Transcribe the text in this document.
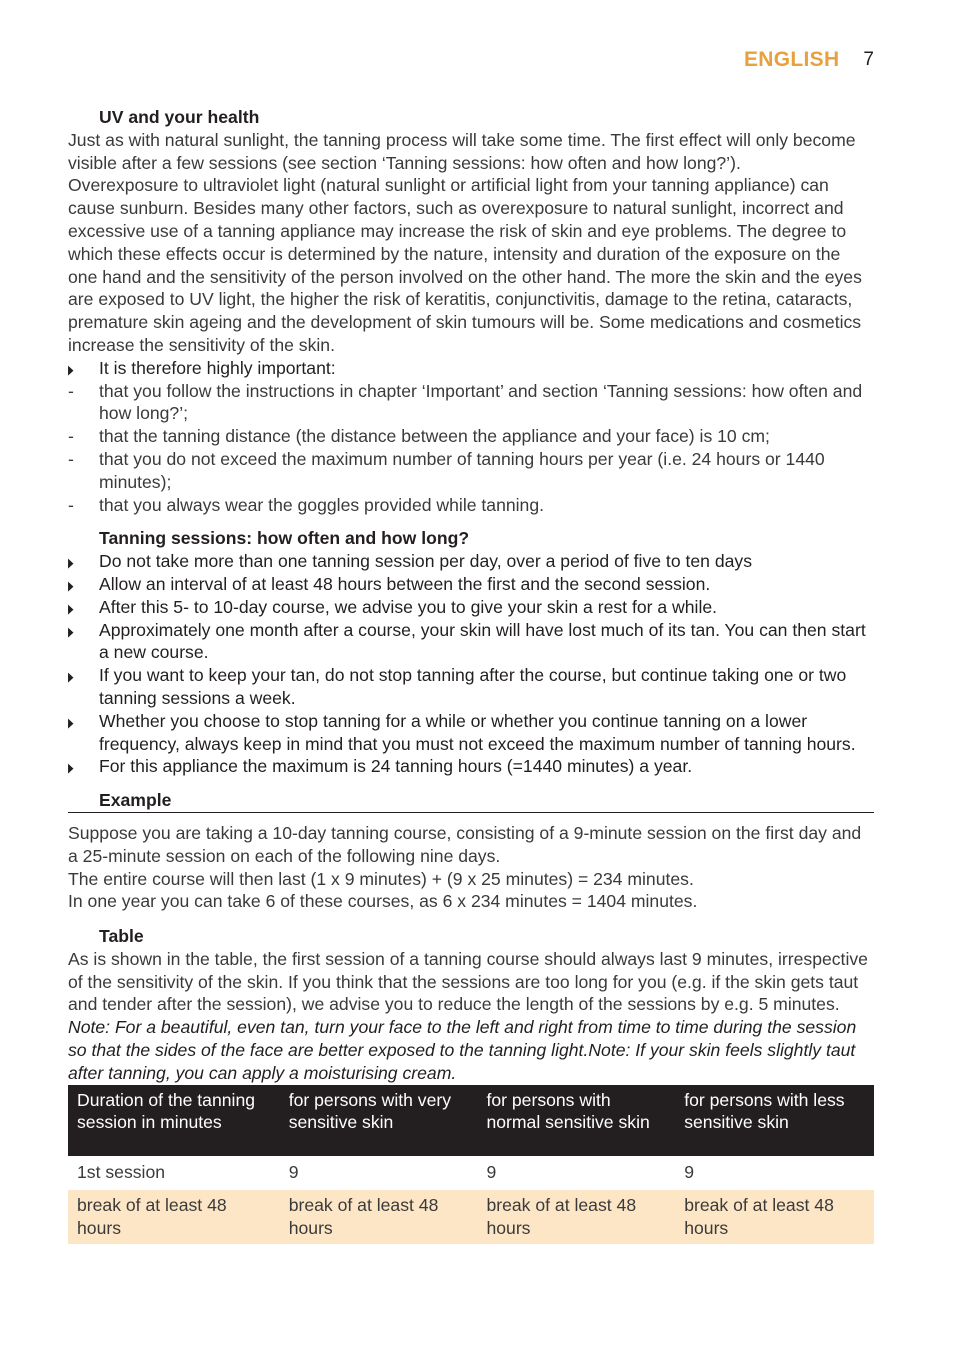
ENGLISH 7

UV and your health

Just as with natural sunlight, the tanning process will take some time. The first effect will only become visible after a few sessions (see section ‘Tanning sessions: how often and how long?’).

Overexposure to ultraviolet light (natural sunlight or artificial light from your tanning appliance) can cause sunburn. Besides many other factors, such as overexposure to natural sunlight, incorrect and excessive use of a tanning appliance may increase the risk of skin and eye problems. The degree to which these effects occur is determined by the nature, intensity and duration of the exposure on the one hand and the sensitivity of the person involved on the other hand. The more the skin and the eyes are exposed to UV light, the higher the risk of keratitis, conjunctivitis, damage to the retina, cataracts, premature skin ageing and the development of skin tumours will be. Some medications and cosmetics increase the sensitivity of the skin.

▶	It is therefore highly important:
-	that you follow the instructions in chapter ‘Important’ and section ‘Tanning sessions: how often and how long?’;
-	that the tanning distance (the distance between the appliance and your face) is 10 cm;
-	that you do not exceed the maximum number of tanning hours per year (i.e. 24 hours or 1440 minutes);
-	that you always wear the goggles provided while tanning.

Tanning sessions: how often and how long?

▶	Do not take more than one tanning session per day, over a period of five to ten days
▶	Allow an interval of at least 48 hours between the first and the second session.
▶	After this 5- to 10-day course, we advise you to give your skin a rest for a while.
▶	Approximately one month after a course, your skin will have lost much of its tan. You can then start a new course.
▶	If you want to keep your tan, do not stop tanning after the course, but continue taking one or two tanning sessions a week.
▶	Whether you choose to stop tanning for a while or whether you continue tanning on a lower frequency, always keep in mind that you must not exceed the maximum number of tanning hours.
▶	For this appliance the maximum is 24 tanning hours (=1440 minutes) a year.

Example

Suppose you are taking a 10-day tanning course, consisting of a 9-minute session on the first day and a 25-minute session on each of the following nine days.

The entire course will then last (1 x 9 minutes) + (9 x 25 minutes) = 234 minutes.

In one year you can take 6 of these courses, as 6 x 234 minutes = 1404 minutes.

Table

As is shown in the table, the first session of a tanning course should always last 9 minutes, irrespective of the sensitivity of the skin. If you think that the sessions are too long for you (e.g. if the skin gets taut and tender after the session), we advise you to reduce the length of the sessions by e.g. 5 minutes.

Note: For a beautiful, even tan, turn your face to the left and right from time to time during the session so that the sides of the face are better exposed to the tanning light.Note: If your skin feels slightly taut after tanning, you can apply a moisturising cream.

Duration of the tanning session in minutes	for persons with very sensitive skin	for persons with normal sensitive skin	for persons with less sensitive skin
1st session	9	9	9
break of at least 48 hours	break of at least 48 hours	break of at least 48 hours	break of at least 48 hours
